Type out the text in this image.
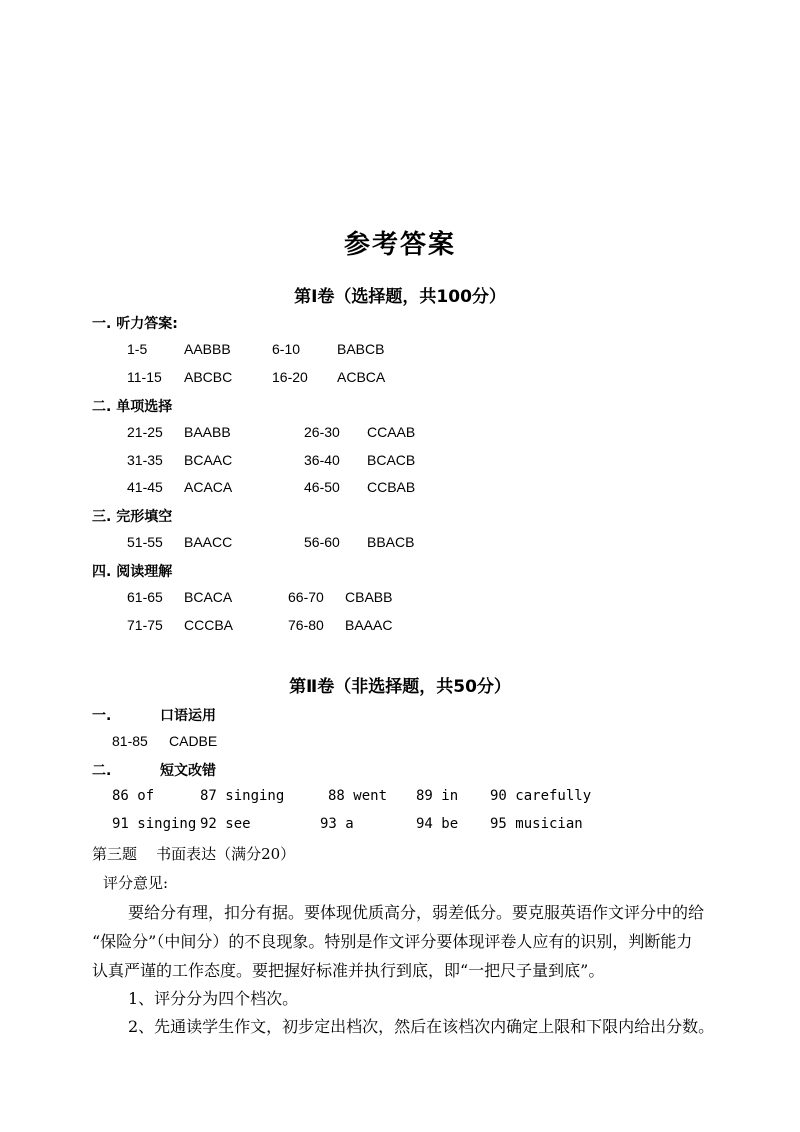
参考答案
第Ⅰ卷（选择题，共100分）
一. 听力答案:
1-5	AABBB	6-10	BABCB
11-15 ABCBC	16-20 ACBCA
二. 单项选择
21-25 BAABB	26-30 CCAAB
31-35 BCAAC	36-40 BCACB
41-45 ACACA	46-50 CCBAB
三. 完形填空
51-55 BAACC	56-60 BBACB
四. 阅读理解
61-65 BCACA	66-70 CBABB
71-75 CCCBA	76-80 BAAAC
第Ⅱ卷（非选择题，共50分）
一.	口语运用
81-85 CADBE
二.	短文改错
86 of	87 singing	88 went 89 in 90 carefully
91 singing 92 see	93 a	94 be 95 musician
第三题    书面表达（满分20）
评分意见:
要给分有理，扣分有据。要体现优质高分，弱差低分。要克服英语作文评分中的给
“保险分”（中间分）的不良现象。特别是作文评分要体现评卷人应有的识别，判断能力
认真严谨的工作态度。要把握好标准并执行到底，即“一把尺子量到底”。
1、评分分为四个档次。
2、先通读学生作文，初步定出档次，然后在该档次内确定上限和下限内给出分数。
